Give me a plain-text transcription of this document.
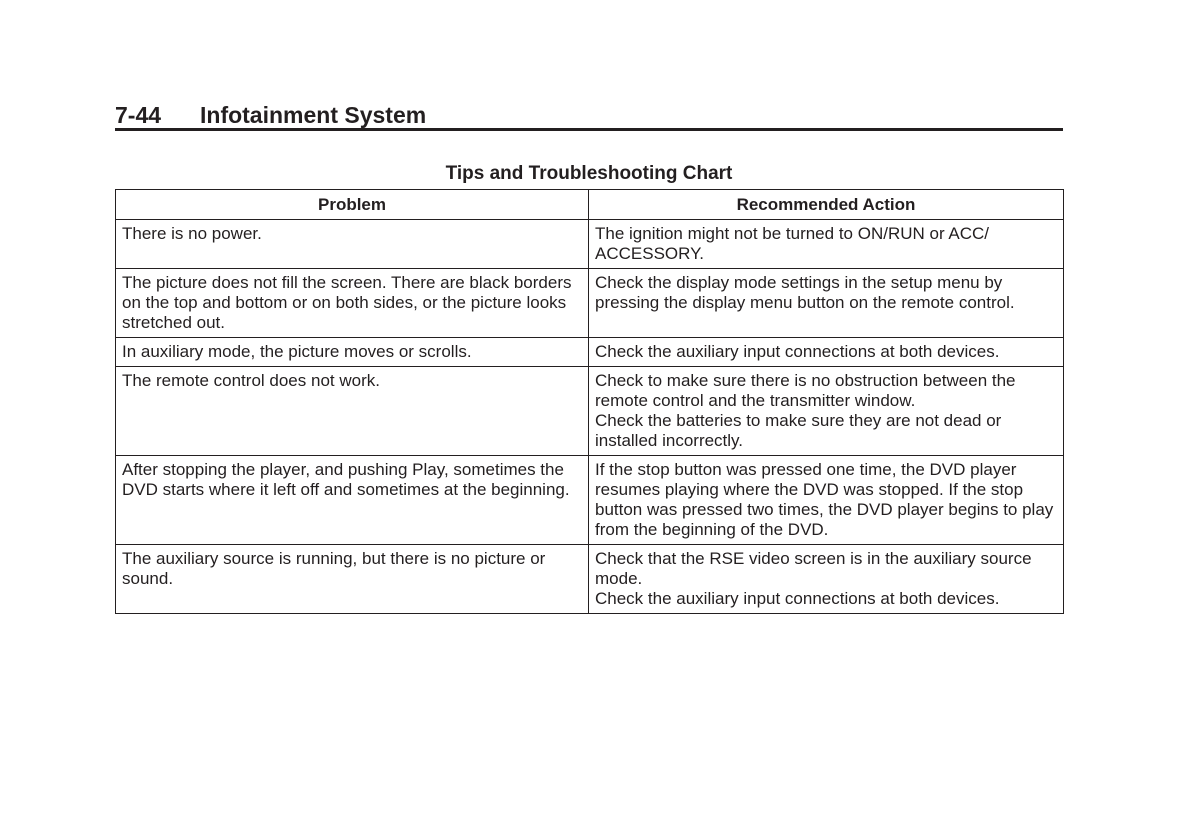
7-44 Infotainment System
Tips and Troubleshooting Chart
Problem	Recommended Action
There is no power.	The ignition might not be turned to ON/RUN or ACC/ ACCESSORY.

The picture does not fill the screen. There are black borders on the top and bottom or on both sides, or the picture looks stretched out.	Check the display mode settings in the setup menu by pressing the display menu button on the remote control.

In auxiliary mode, the picture moves or scrolls.	Check the auxiliary input connections at both devices.

The remote control does not work.	Check to make sure there is no obstruction between the remote control and the transmitter window.
Check the batteries to make sure they are not dead or installed incorrectly.

After stopping the player, and pushing Play, sometimes the DVD starts where it left off and sometimes at the beginning.	If the stop button was pressed one time, the DVD player resumes playing where the DVD was stopped. If the stop button was pressed two times, the DVD player begins to play from the beginning of the DVD.

The auxiliary source is running, but there is no picture or sound.	Check that the RSE video screen is in the auxiliary source mode.
Check the auxiliary input connections at both devices.
